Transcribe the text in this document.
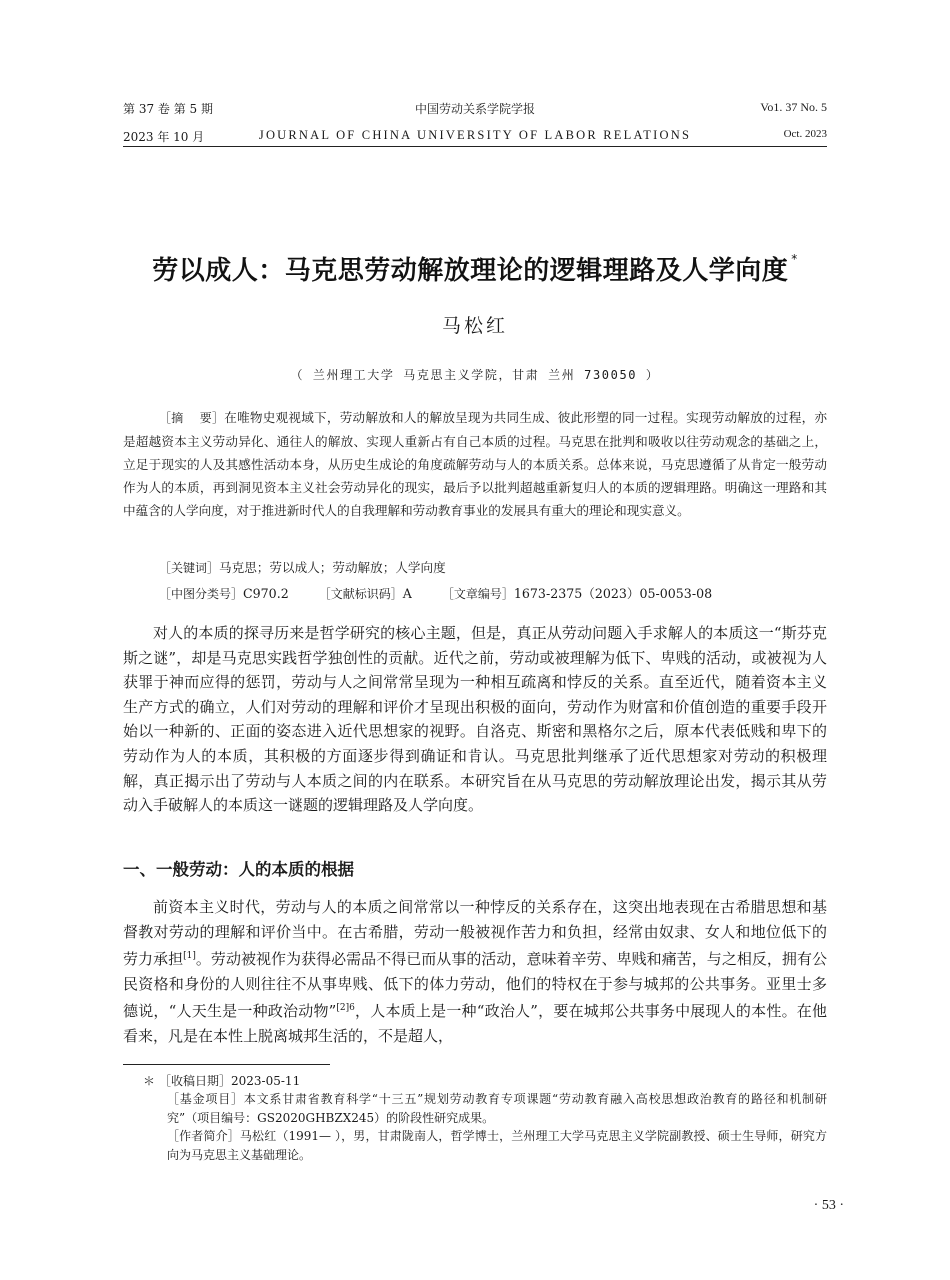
第 37 卷 第 5 期	中国劳动关系学院学报	Vo1. 37 No. 5
2023 年 10 月	JOURNAL OF CHINA UNIVERSITY OF LABOR RELATIONS	Oct. 2023
劳以成人：马克思劳动解放理论的逻辑理路及人学向度 *
马松红
（ 兰州理工大学 马克思主义学院，甘肃 兰州 730050 ）
［摘　 要］在唯物史观视域下，劳动解放和人的解放呈现为共同生成、彼此形塑的同一过程。实现劳动解放的过程，亦是超越资本主义劳动异化、通往人的解放、实现人重新占有自己本质的过程。马克思在批判和吸收以往劳动观念的基础之上，立足于现实的人及其感性活动本身，从历史生成论的角度疏解劳动与人的本质关系。总体来说，马克思遵循了从肯定一般劳动作为人的本质，再到洞见资本主义社会劳动异化的现实，最后予以批判超越重新复归人的本质的逻辑理路。明确这一理路和其中蕴含的人学向度，对于推进新时代人的自我理解和劳动教育事业的发展具有重大的理论和现实意义。
［关键词］马克思；劳以成人；劳动解放；人学向度
［中图分类号］C970.2	［文献标识码］A	［文章编号］1673-2375（2023）05-0053-08
对人的本质的探寻历来是哲学研究的核心主题，但是，真正从劳动问题入手求解人的本质这一“斯芬克斯之谜”，却是马克思实践哲学独创性的贡献。近代之前，劳动或被理解为低下、卑贱的活动，或被视为人获罪于神而应得的惩罚，劳动与人之间常常呈现为一种相互疏离和悖反的关系。直至近代，随着资本主义生产方式的确立，人们对劳动的理解和评价才呈现出积极的面向，劳动作为财富和价值创造的重要手段开始以一种新的、正面的姿态进入近代思想家的视野。自洛克、斯密和黑格尔之后，原本代表低贱和卑下的劳动作为人的本质，其积极的方面逐步得到确证和肯认。马克思批判继承了近代思想家对劳动的积极理解，真正揭示出了劳动与人本质之间的内在联系。本研究旨在从马克思的劳动解放理论出发，揭示其从劳动入手破解人的本质这一谜题的逻辑理路及人学向度。
一、一般劳动：人的本质的根据
前资本主义时代，劳动与人的本质之间常常以一种悖反的关系存在，这突出地表现在古希腊思想和基督教对劳动的理解和评价当中。在古希腊，劳动一般被视作苦力和负担，经常由奴隶、女人和地位低下的劳力承担[1]。劳动被视作为获得必需品不得已而从事的活动，意味着辛劳、卑贱和痛苦，与之相反，拥有公民资格和身份的人则往往不从事卑贱、低下的体力劳动，他们的特权在于参与城邦的公共事务。亚里士多德说，“人天生是一种政治动物”$^{[2]6}$，人本质上是一种“政治人”，要在城邦公共事务中展现人的本性。在他看来，凡是在本性上脱离城邦生活的，不是超人，
＊ ［收稿日期］2023-05-11
［基金项目］本文系甘肃省教育科学“十三五”规划劳动教育专项课题“劳动教育融入高校思想政治教育的路径和机制研究”（项目编号：GS2020GHBZX245）的阶段性研究成果。
［作者简介］马松红（1991— ），男，甘肃陇南人，哲学博士，兰州理工大学马克思主义学院副教授、硕士生导师，研究方向为马克思主义基础理论。
· 53 ·
